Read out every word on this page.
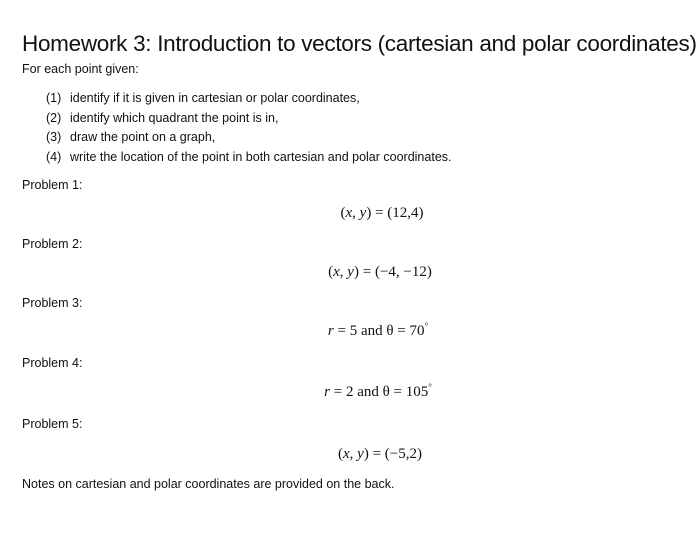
Homework 3: Introduction to vectors (cartesian and polar coordinates)
For each point given:
(1) identify if it is given in cartesian or polar coordinates,
(2) identify which quadrant the point is in,
(3) draw the point on a graph,
(4) write the location of the point in both cartesian and polar coordinates.
Problem 1:
(x, y) = (12,4)
Problem 2:
(x, y) = (−4, −12)
Problem 3:
r = 5 and θ = 70°
Problem 4:
r = 2 and θ = 105°
Problem 5:
(x, y) = (−5,2)
Notes on cartesian and polar coordinates are provided on the back.
